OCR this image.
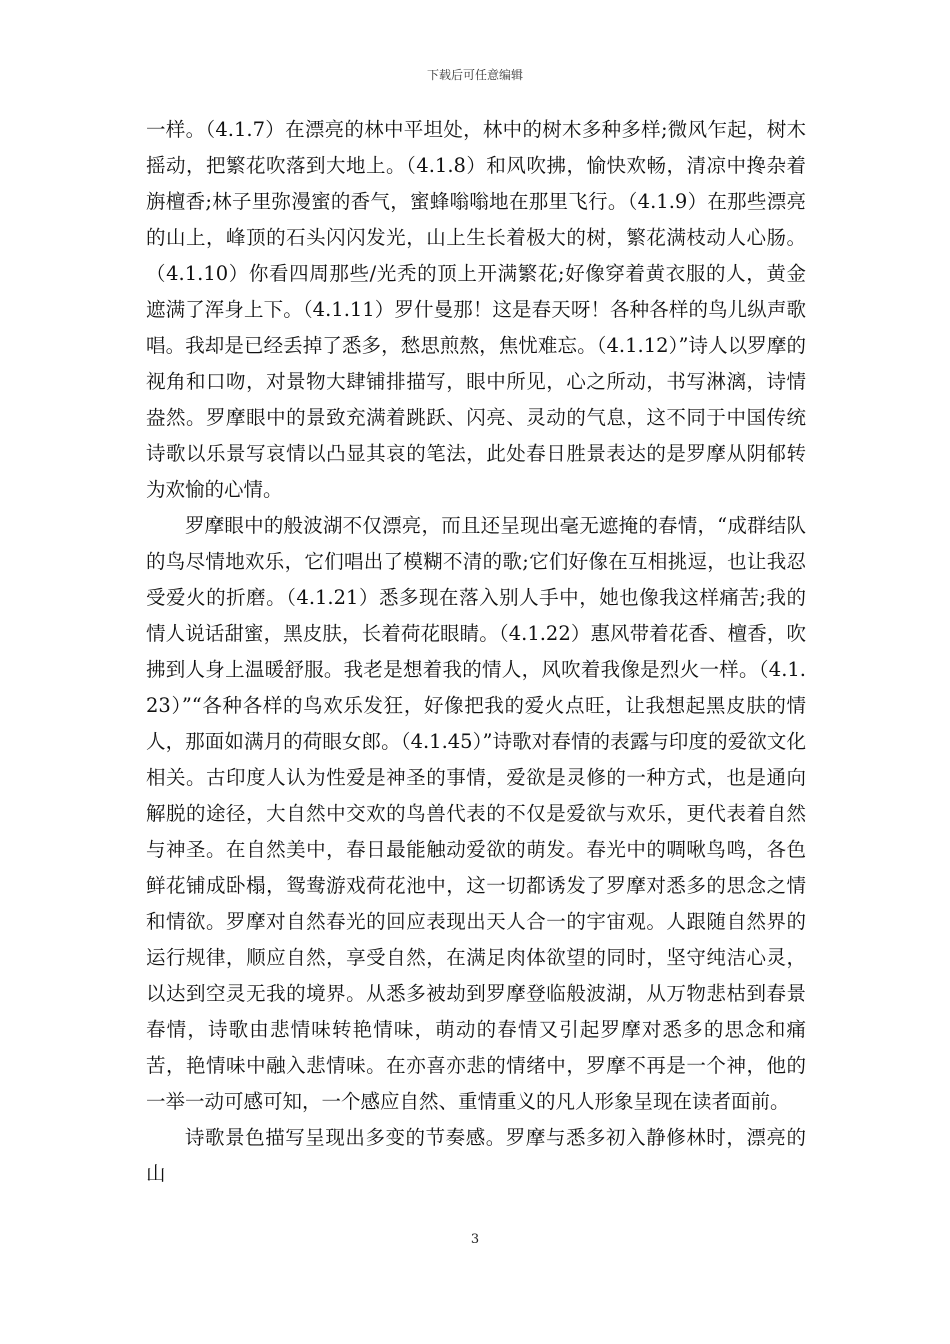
下载后可任意编辑

一样。（4.1.7）在漂亮的林中平坦处，林中的树木多种多样;微风乍起，树木摇动，把繁花吹落到大地上。（4.1.8）和风吹拂，愉快欢畅，清凉中搀杂着旃檀香;林子里弥漫蜜的香气，蜜蜂嗡嗡地在那里飞行。（4.1.9）在那些漂亮的山上，峰顶的石头闪闪发光，山上生长着极大的树，繁花满枝动人心肠。（4.1.10）你看四周那些/光秃的顶上开满繁花;好像穿着黄衣服的人，黄金遮满了浑身上下。（4.1.11）罗什曼那！这是春天呀！各种各样的鸟儿纵声歌唱。我却是已经丢掉了悉多，愁思煎熬，焦忧难忘。（4.1.12）”诗人以罗摩的视角和口吻，对景物大肆铺排描写，眼中所见，心之所动，书写淋漓，诗情盎然。罗摩眼中的景致充满着跳跃、闪亮、灵动的气息，这不同于中国传统诗歌以乐景写哀情以凸显其哀的笔法，此处春日胜景表达的是罗摩从阴郁转为欢愉的心情。

罗摩眼中的般波湖不仅漂亮，而且还呈现出毫无遮掩的春情，“成群结队的鸟尽情地欢乐，它们唱出了模糊不清的歌;它们好像在互相挑逗，也让我忍受爱火的折磨。（4.1.21）悉多现在落入别人手中，她也像我这样痛苦;我的情人说话甜蜜，黑皮肤，长着荷花眼睛。（4.1.22）惠风带着花香、檀香，吹拂到人身上温暖舒服。我老是想着我的情人，风吹着我像是烈火一样。（4.1.23）”“各种各样的鸟欢乐发狂，好像把我的爱火点旺，让我想起黑皮肤的情人，那面如满月的荷眼女郎。（4.1.45）”诗歌对春情的表露与印度的爱欲文化相关。古印度人认为性爱是神圣的事情，爱欲是灵修的一种方式，也是通向解脱的途径，大自然中交欢的鸟兽代表的不仅是爱欲与欢乐，更代表着自然与神圣。在自然美中，春日最能触动爱欲的萌发。春光中的啁啾鸟鸣，各色鲜花铺成卧榻，鸳鸯游戏荷花池中，这一切都诱发了罗摩对悉多的思念之情和情欲。罗摩对自然春光的回应表现出天人合一的宇宙观。人跟随自然界的运行规律，顺应自然，享受自然，在满足肉体欲望的同时，坚守纯洁心灵，以达到空灵无我的境界。从悉多被劫到罗摩登临般波湖，从万物悲枯到春景春情，诗歌由悲情味转艳情味，萌动的春情又引起罗摩对悉多的思念和痛苦，艳情味中融入悲情味。在亦喜亦悲的情绪中，罗摩不再是一个神，他的一举一动可感可知，一个感应自然、重情重义的凡人形象呈现在读者面前。

诗歌景色描写呈现出多变的节奏感。罗摩与悉多初入静修林时，漂亮的山

3
